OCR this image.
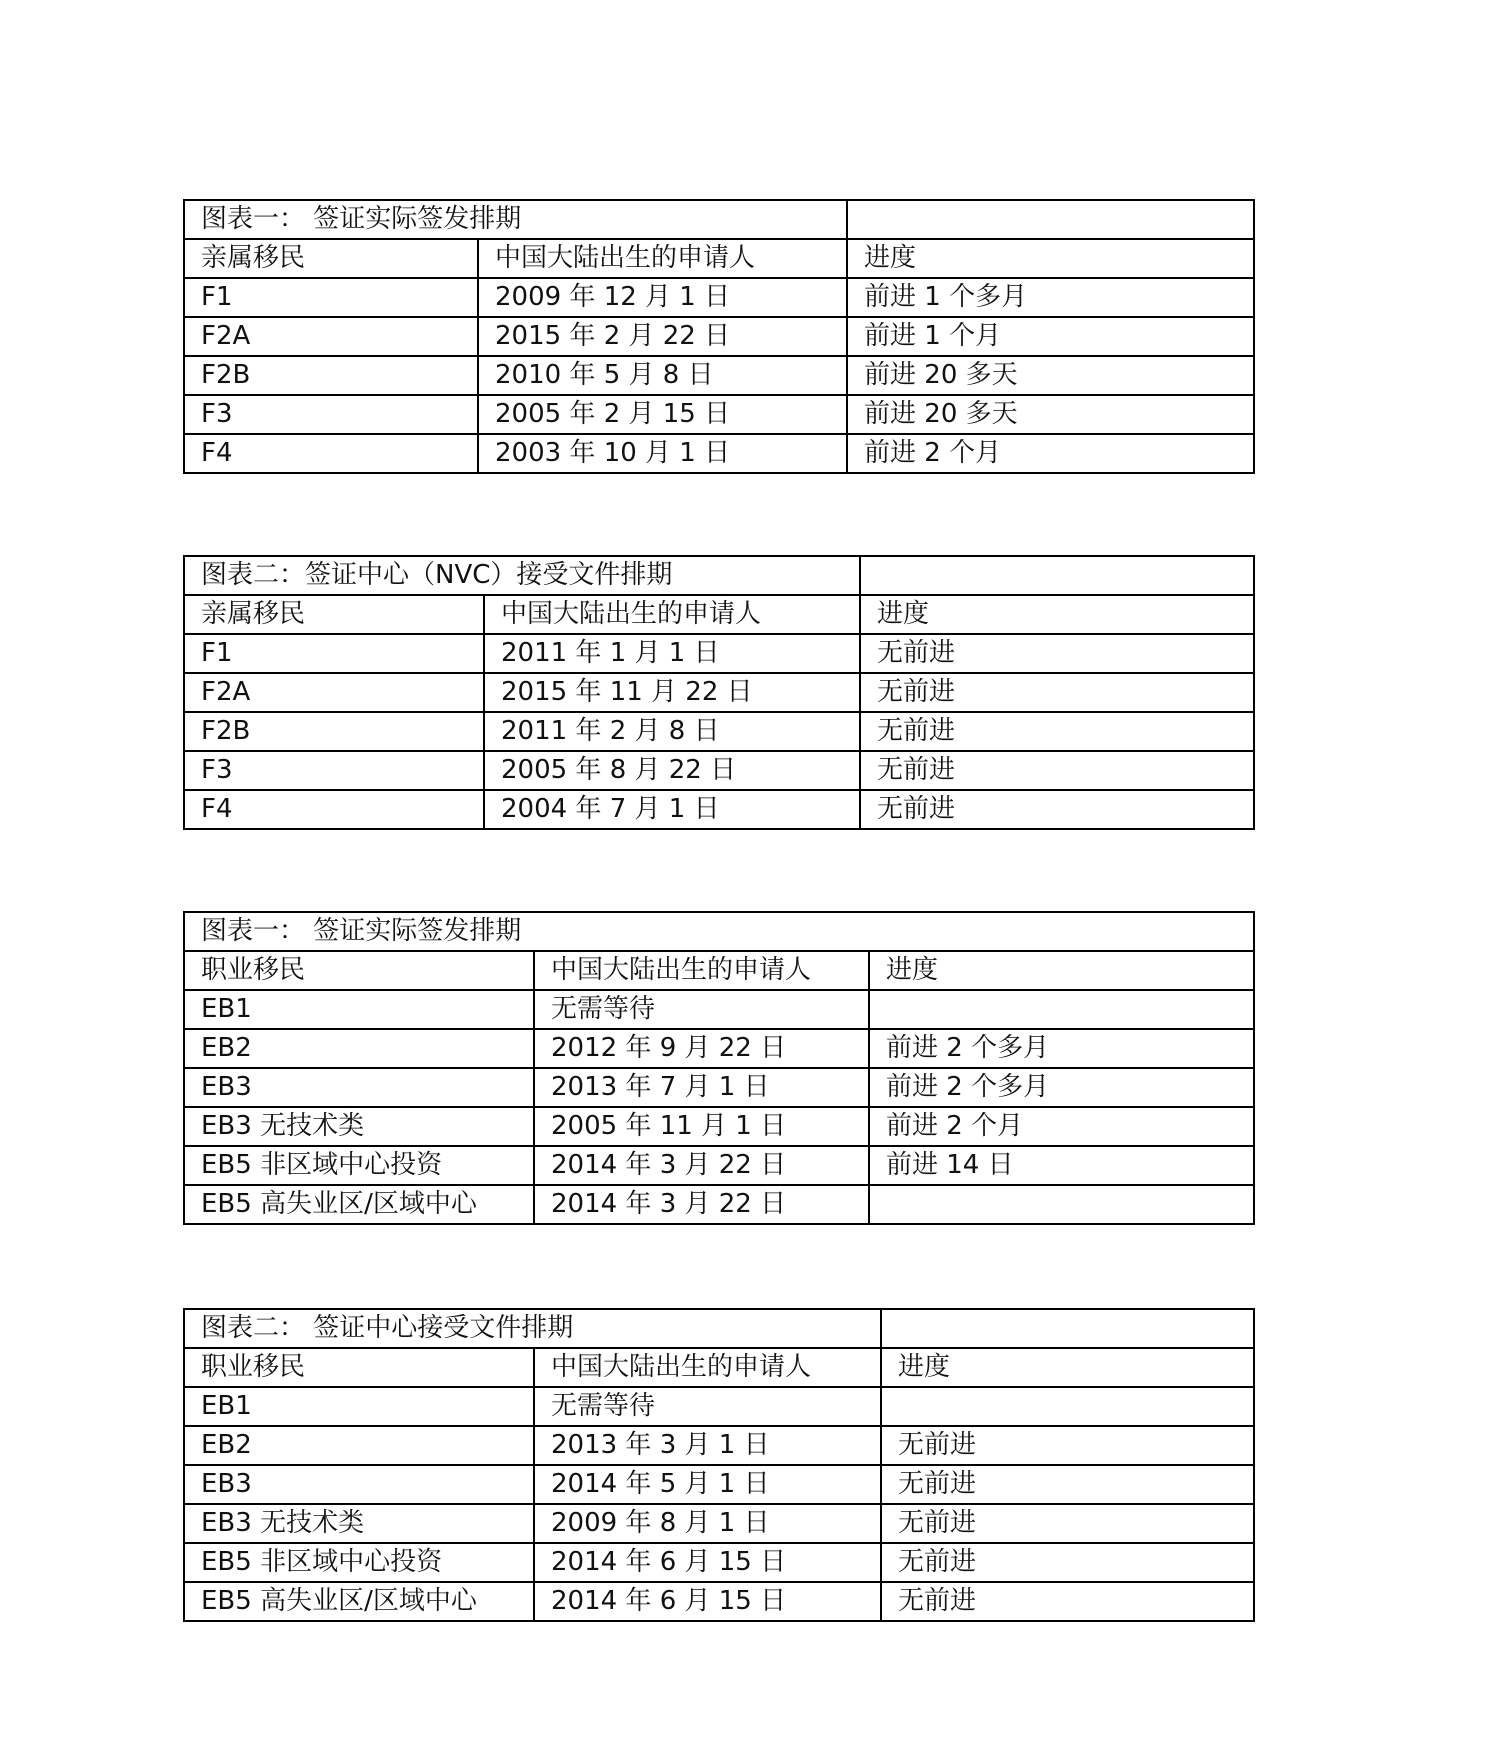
图表一： 签证实际签发排期		
亲属移民	中国大陆出生的申请人	进度
F1	2009 年 12 月 1 日	前进 1 个多月
F2A	2015 年 2 月 22 日	前进 1 个月
F2B	2010 年 5 月 8 日	前进 20 多天
F3	2005 年 2 月 15 日	前进 20 多天
F4	2003 年 10 月 1 日	前进 2 个月
图表二：签证中心（NVC）接受文件排期		
亲属移民	中国大陆出生的申请人	进度
F1	2011 年 1 月 1 日	无前进
F2A	2015 年 11 月 22 日	无前进
F2B	2011 年 2 月 8 日	无前进
F3	2005 年 8 月 22 日	无前进
F4	2004 年 7 月 1 日	无前进
图表一： 签证实际签发排期		
职业移民	中国大陆出生的申请人	进度
EB1	无需等待	
EB2	2012 年 9 月 22 日	前进 2 个多月
EB3	2013 年 7 月 1 日	前进 2 个多月
EB3 无技术类	2005 年 11 月 1 日	前进 2 个月
EB5 非区域中心投资	2014 年 3 月 22 日	前进 14 日
EB5 高失业区/区域中心	2014 年 3 月 22 日	
图表二： 签证中心接受文件排期		
职业移民	中国大陆出生的申请人	进度
EB1	无需等待	
EB2	2013 年 3 月 1 日	无前进
EB3	2014 年 5 月 1 日	无前进
EB3 无技术类	2009 年 8 月 1 日	无前进
EB5 非区域中心投资	2014 年 6 月 15 日	无前进
EB5 高失业区/区域中心	2014 年 6 月 15 日	无前进
